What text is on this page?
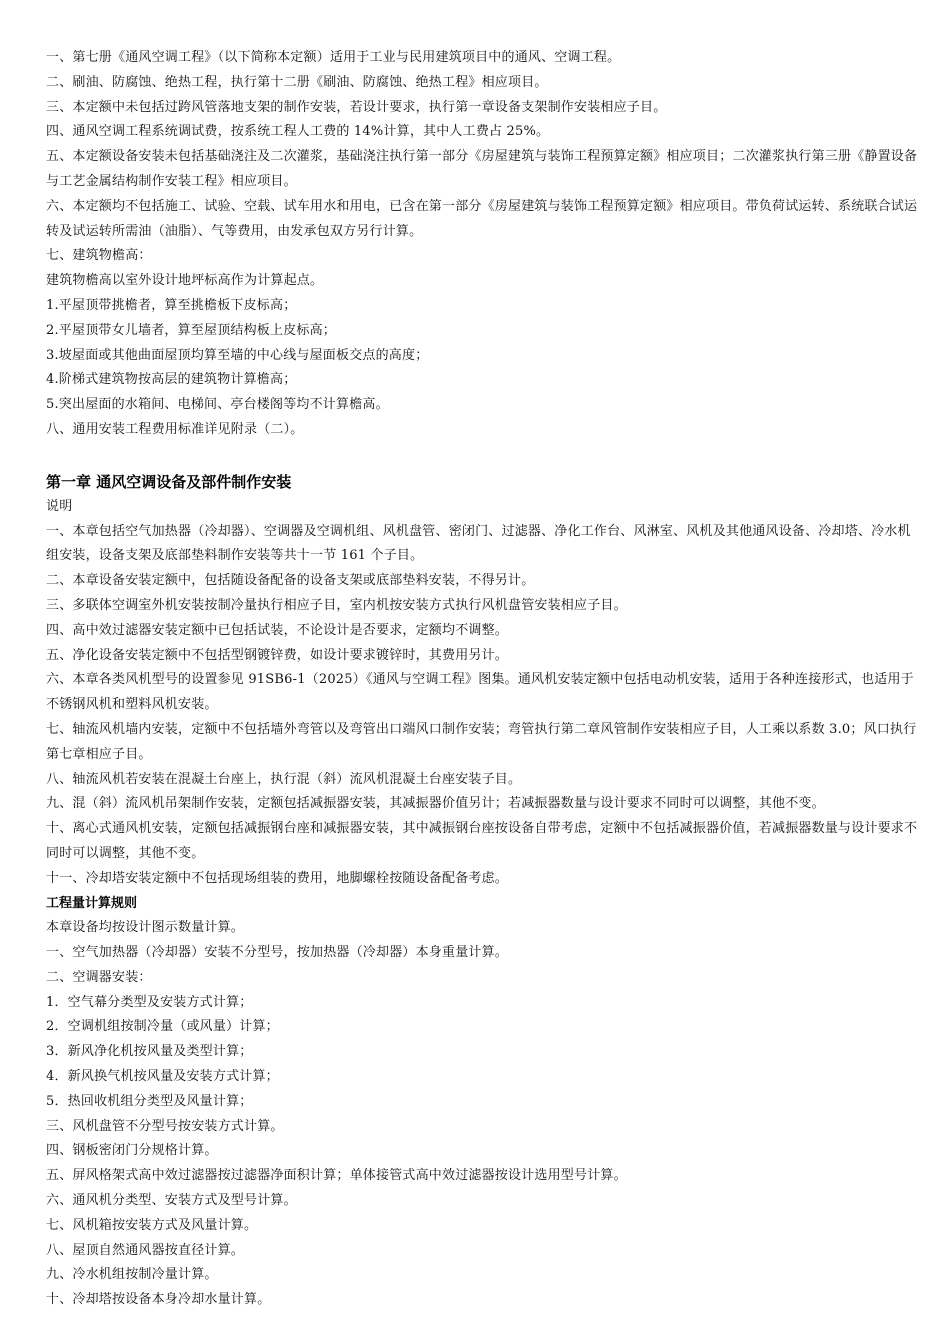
一、第七册《通风空调工程》（以下简称本定额）适用于工业与民用建筑项目中的通风、空调工程。

二、刷油、防腐蚀、绝热工程，执行第十二册《刷油、防腐蚀、绝热工程》相应项目。

三、本定额中未包括过跨风管落地支架的制作安装，若设计要求，执行第一章设备支架制作安装相应子目。

四、通风空调工程系统调试费，按系统工程人工费的 14%计算，其中人工费占 25%。

五、本定额设备安装未包括基础浇注及二次灌浆，基础浇注执行第一部分《房屋建筑与装饰工程预算定额》相应项目；二次灌浆执行第三册《静置设备与工艺金属结构制作安装工程》相应项目。

六、本定额均不包括施工、试验、空载、试车用水和用电，已含在第一部分《房屋建筑与装饰工程预算定额》相应项目。带负荷试运转、系统联合试运转及试运转所需油（油脂）、气等费用，由发承包双方另行计算。

七、建筑物檐高：

建筑物檐高以室外设计地坪标高作为计算起点。

1.平屋顶带挑檐者，算至挑檐板下皮标高；

2.平屋顶带女儿墙者，算至屋顶结构板上皮标高；

3.坡屋面或其他曲面屋顶均算至墙的中心线与屋面板交点的高度；

4.阶梯式建筑物按高层的建筑物计算檐高；

5.突出屋面的水箱间、电梯间、亭台楼阁等均不计算檐高。

八、通用安装工程费用标准详见附录（二）。

第一章 通风空调设备及部件制作安装

说明

一、本章包括空气加热器（冷却器）、空调器及空调机组、风机盘管、密闭门、过滤器、净化工作台、风淋室、风机及其他通风设备、冷却塔、冷水机组安装，设备支架及底部垫料制作安装等共十一节 161 个子目。

二、本章设备安装定额中，包括随设备配备的设备支架或底部垫料安装，不得另计。

三、多联体空调室外机安装按制冷量执行相应子目，室内机按安装方式执行风机盘管安装相应子目。

四、高中效过滤器安装定额中已包括试装，不论设计是否要求，定额均不调整。

五、净化设备安装定额中不包括型钢镀锌费，如设计要求镀锌时，其费用另计。

六、本章各类风机型号的设置参见 91SB6-1（2025）《通风与空调工程》图集。通风机安装定额中包括电动机安装，适用于各种连接形式，也适用于不锈钢风机和塑料风机安装。

七、轴流风机墙内安装，定额中不包括墙外弯管以及弯管出口端风口制作安装；弯管执行第二章风管制作安装相应子目，人工乘以系数 3.0；风口执行第七章相应子目。

八、轴流风机若安装在混凝土台座上，执行混（斜）流风机混凝土台座安装子目。

九、混（斜）流风机吊架制作安装，定额包括减振器安装，其减振器价值另计；若减振器数量与设计要求不同时可以调整，其他不变。

十、离心式通风机安装，定额包括减振钢台座和减振器安装，其中减振钢台座按设备自带考虑，定额中不包括减振器价值，若减振器数量与设计要求不同时可以调整，其他不变。

十一、冷却塔安装定额中不包括现场组装的费用，地脚螺栓按随设备配备考虑。

工程量计算规则

本章设备均按设计图示数量计算。

一、空气加热器（冷却器）安装不分型号，按加热器（冷却器）本身重量计算。

二、空调器安装：

1．空气幕分类型及安装方式计算；

2．空调机组按制冷量（或风量）计算；

3．新风净化机按风量及类型计算；

4．新风换气机按风量及安装方式计算；

5．热回收机组分类型及风量计算；

三、风机盘管不分型号按安装方式计算。

四、钢板密闭门分规格计算。

五、屏风格架式高中效过滤器按过滤器净面积计算；单体接管式高中效过滤器按设计选用型号计算。

六、通风机分类型、安装方式及型号计算。

七、风机箱按安装方式及风量计算。

八、屋顶自然通风器按直径计算。

九、冷水机组按制冷量计算。

十、冷却塔按设备本身冷却水量计算。
